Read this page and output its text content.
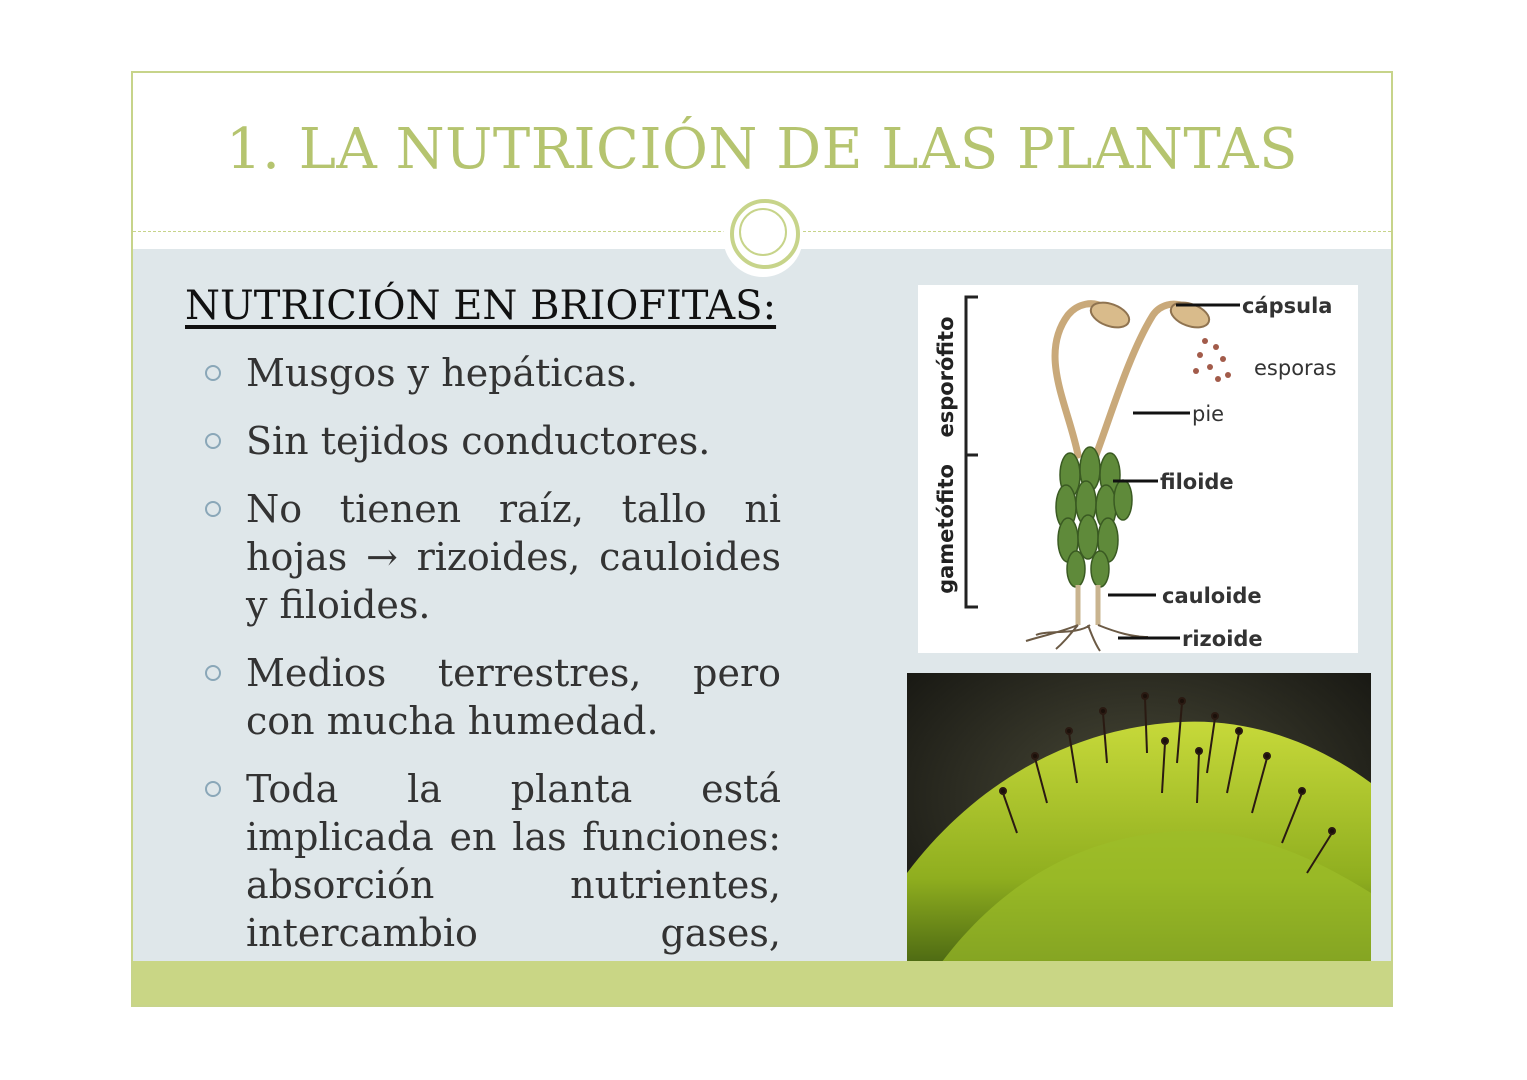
1. LA NUTRICIÓN DE LAS PLANTAS
NUTRICIÓN EN BRIOFITAS:
Musgos y hepáticas.
Sin tejidos conductores.
No tienen raíz, tallo ni hojas → rizoides, cauloides y filoides.
Medios terrestres, pero con mucha humedad.
Toda la planta está implicada en las funciones: absorción nutrientes, intercambio gases,
esporófito
gametófito
cápsula
esporas
pie
filoide
cauloide
rizoide
